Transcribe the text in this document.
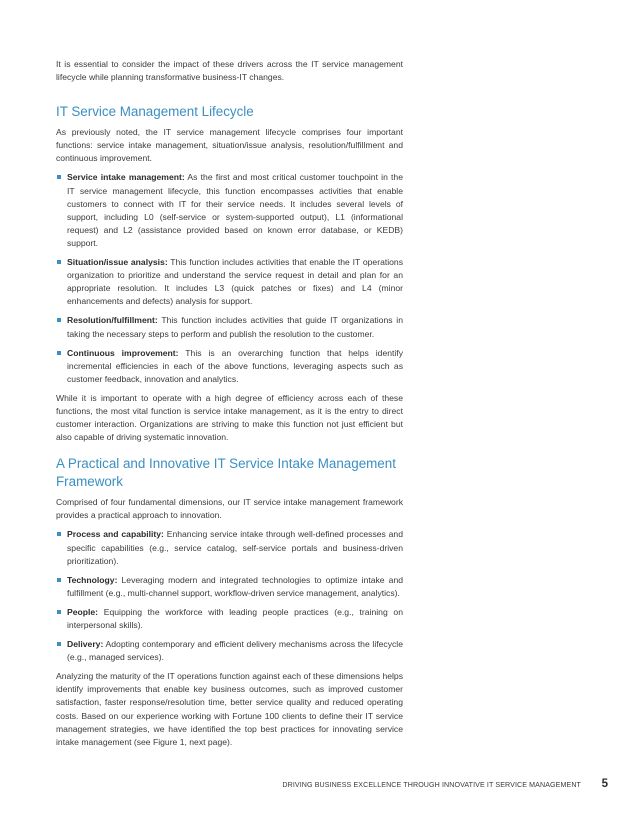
It is essential to consider the impact of these drivers across the IT service management lifecycle while planning transformative business-IT changes.

IT Service Management Lifecycle

As previously noted, the IT service management lifecycle comprises four important functions: service intake management, situation/issue analysis, resolution/fulfillment and continuous improvement.

Service intake management: As the first and most critical customer touchpoint in the IT service management lifecycle, this function encompasses activities that enable customers to connect with IT for their service needs. It includes several levels of support, including L0 (self-service or system-supported output), L1 (informational request) and L2 (assistance provided based on known error database, or KEDB) support.
Situation/issue analysis: This function includes activities that enable the IT operations organization to prioritize and understand the service request in detail and plan for an appropriate resolution. It includes L3 (quick patches or fixes) and L4 (minor enhancements and defects) analysis for support.
Resolution/fulfillment: This function includes activities that guide IT organizations in taking the necessary steps to perform and publish the resolution to the customer.
Continuous improvement: This is an overarching function that helps identify incremental efficiencies in each of the above functions, leveraging aspects such as customer feedback, innovation and analytics.

While it is important to operate with a high degree of efficiency across each of these functions, the most vital function is service intake management, as it is the entry to direct customer interaction. Organizations are striving to make this function not just efficient but also capable of driving systematic innovation.

A Practical and Innovative IT Service Intake Management Framework

Comprised of four fundamental dimensions, our IT service intake management framework provides a practical approach to innovation.

Process and capability: Enhancing service intake through well-defined processes and specific capabilities (e.g., service catalog, self-service portals and business-driven prioritization).
Technology: Leveraging modern and integrated technologies to optimize intake and fulfillment (e.g., multi-channel support, workflow-driven service management, analytics).
People: Equipping the workforce with leading people practices (e.g., training on interpersonal skills).
Delivery: Adopting contemporary and efficient delivery mechanisms across the lifecycle (e.g., managed services).

Analyzing the maturity of the IT operations function against each of these dimensions helps identify improvements that enable key business outcomes, such as improved customer satisfaction, faster response/resolution time, better service quality and reduced operating costs. Based on our experience working with Fortune 100 clients to define their IT service management strategies, we have identified the top best practices for innovating service intake management (see Figure 1, next page).

DRIVING BUSINESS EXCELLENCE THROUGH INNOVATIVE IT SERVICE MANAGEMENT 5
